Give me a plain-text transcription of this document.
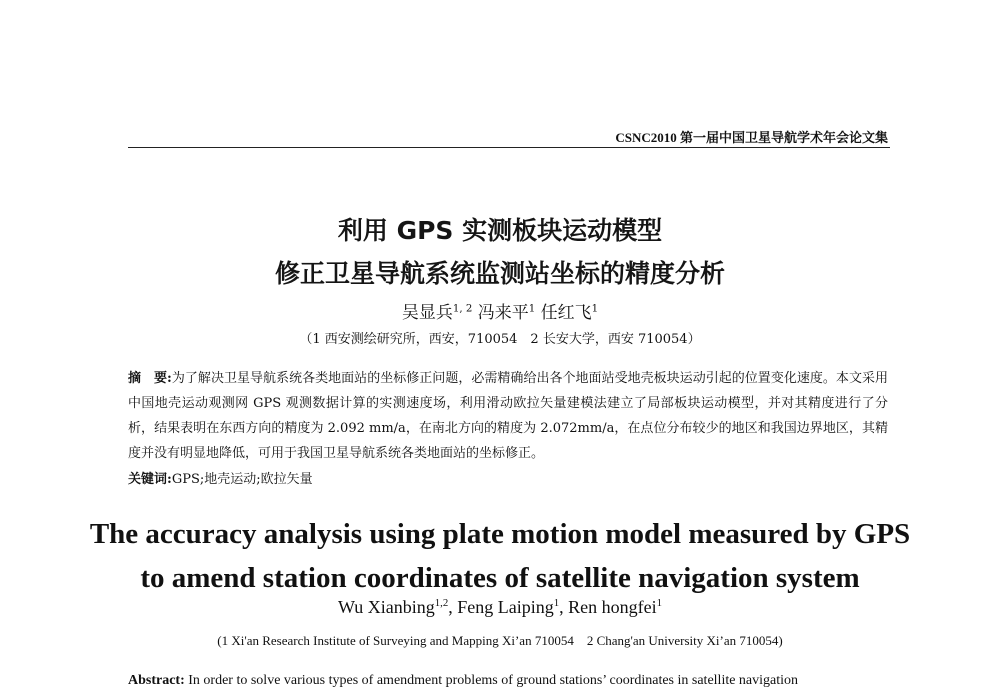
CSNC2010 第一届中国卫星导航学术年会论文集
利用 GPS 实测板块运动模型
修正卫星导航系统监测站坐标的精度分析
吴显兵$^{1, 2}$ 冯来平$^1$ 任红飞$^1$
（1 西安测绘研究所，西安，710054　2 长安大学，西安 710054）
摘　要:为了解决卫星导航系统各类地面站的坐标修正问题，必需精确给出各个地面站受地壳板块运动引起的位置变化速度。本文采用中国地壳运动观测网 GPS 观测数据计算的实测速度场，利用滑动欧拉矢量建模法建立了局部板块运动模型，并对其精度进行了分析，结果表明在东西方向的精度为 2.092 mm/a，在南北方向的精度为 2.072mm/a，在点位分布较少的地区和我国边界地区，其精度并没有明显地降低，可用于我国卫星导航系统各类地面站的坐标修正。
关键词:GPS;地壳运动;欧拉矢量
The accuracy analysis using plate motion model measured by GPS
to amend station coordinates of satellite navigation system
Wu Xianbing$^{1,2}$, Feng Laiping$^1$, Ren hongfei$^1$
(1 Xi'an Research Institute of Surveying and Mapping Xi’an 710054　2 Chang'an University Xi’an 710054)
Abstract: In order to solve various types of amendment problems of ground stations’ coordinates in satellite navigation
